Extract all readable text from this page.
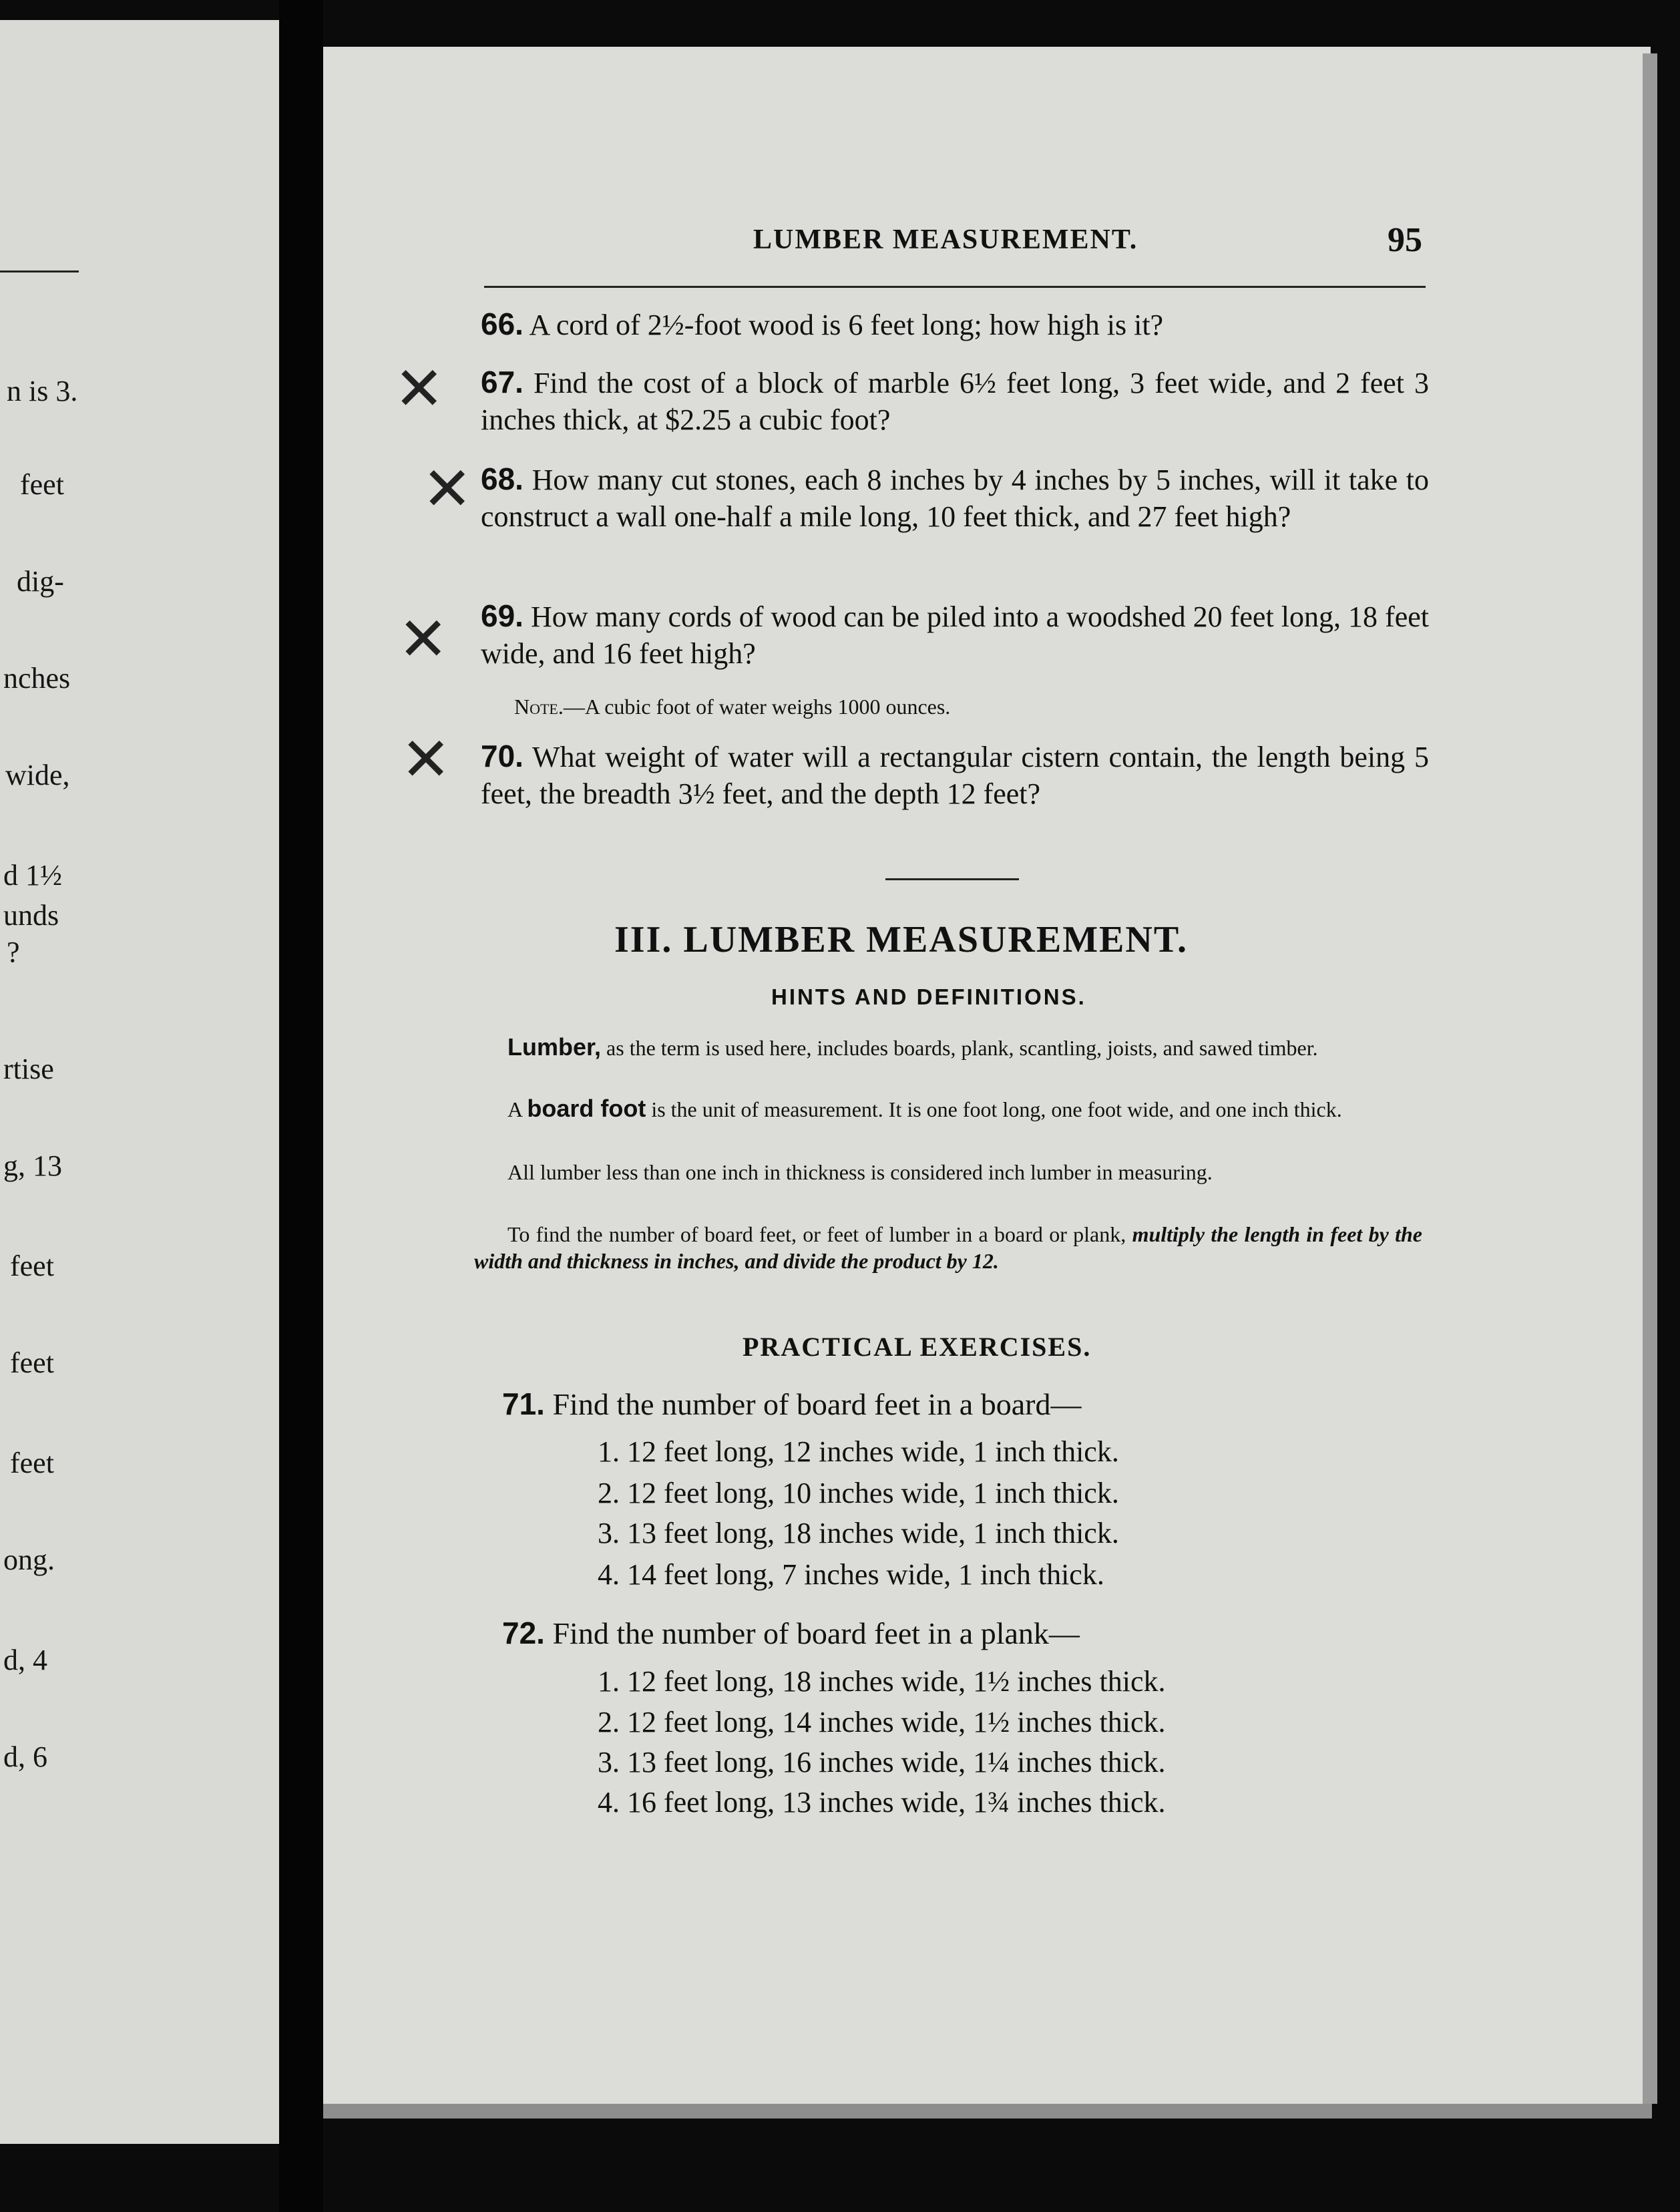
n is 3.
feet
dig-
nches
wide,
d 1½
unds
?
rtise
g, 13
feet
feet
feet
ong.
d, 4
d, 6
LUMBER MEASUREMENT.	95
66. A cord of 2½-foot wood is 6 feet long; how high is it?
67. Find the cost of a block of marble 6½ feet long, 3 feet wide, and 2 feet 3 inches thick, at $2.25 a cubic foot?
68. How many cut stones, each 8 inches by 4 inches by 5 inches, will it take to construct a wall one-half a mile long, 10 feet thick, and 27 feet high?
69. How many cords of wood can be piled into a woodshed 20 feet long, 18 feet wide, and 16 feet high?
Note.—A cubic foot of water weighs 1000 ounces.
70. What weight of water will a rectangular cistern contain, the length being 5 feet, the breadth 3½ feet, and the depth 12 feet?
✕
✕
✕
✕
III. LUMBER MEASUREMENT.
HINTS AND DEFINITIONS.
Lumber, as the term is used here, includes boards, plank, scantling, joists, and sawed timber.
A board foot is the unit of measurement. It is one foot long, one foot wide, and one inch thick.
All lumber less than one inch in thickness is considered inch lumber in measuring.
To find the number of board feet, or feet of lumber in a board or plank, multiply the length in feet by the width and thickness in inches, and divide the product by 12.
PRACTICAL EXERCISES.
71. Find the number of board feet in a board—
1. 12 feet long, 12 inches wide, 1 inch thick.
2. 12 feet long, 10 inches wide, 1 inch thick.
3. 13 feet long, 18 inches wide, 1 inch thick.
4. 14 feet long, 7 inches wide, 1 inch thick.
72. Find the number of board feet in a plank—
1. 12 feet long, 18 inches wide, 1½ inches thick.
2. 12 feet long, 14 inches wide, 1½ inches thick.
3. 13 feet long, 16 inches wide, 1¼ inches thick.
4. 16 feet long, 13 inches wide, 1¾ inches thick.
